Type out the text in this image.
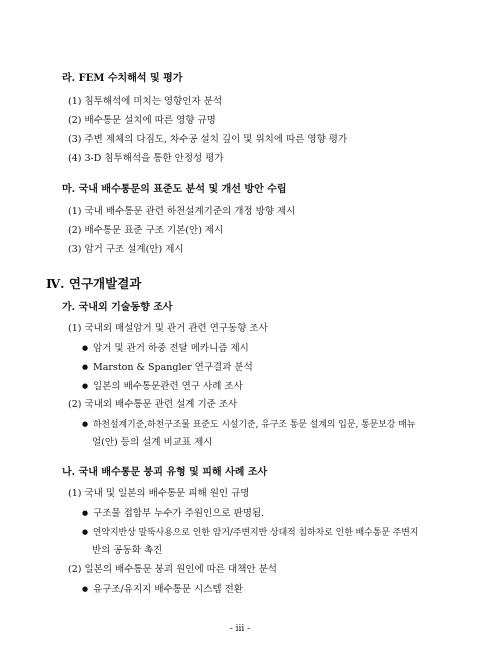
라. FEM 수치해석 및 평가
(1) 침투해석에 미치는 영향인자 분석
(2) 배수통문 설치에 따른 영향 규명
(3) 주변 제체의 다짐도, 차수공 설치 깊이 및 위치에 따른 영향 평가
(4) 3-D 침투해석을 통한 안정성 평가
마. 국내 배수통문의 표준도 분석 및 개선 방안 수립
(1) 국내 배수통문 관련 하천설계기준의 개정 방향 제시
(2) 배수통문 표준 구조 기본(안) 제시
(3) 암거 구조 설계(안) 제시
Ⅳ. 연구개발결과
가. 국내외 기술동향 조사
(1) 국내외 매설암거 및 관거 관련 연구동향 조사
● 암거 및 관거 하중 전달 메카니즘 제시
● Marston & Spangler 연구결과 분석
● 일본의 배수통문관련 연구 사례 조사
(2) 국내외 배수통문 관련 설계 기준 조사
● 하천설계기준,하천구조물 표준도 시설기준, 유구조 통문 설계의 입문, 통문보강 매뉴
얼(안) 등의 설계 비교표 제시
나. 국내 배수통문 붕괴 유형 및 피해 사례 조사
(1) 국내 및 일본의 배수통문 피해 원인 규명
● 구조물 접합부 누수가 주원인으로 판명됨.
● 연약지반상 말뚝사용으로 인한 암거/주변지반 상대적 침하차로 인한 배수통문 주변지
반의 공동화 촉진
(2) 일본의 배수통문 붕괴 원인에 따른 대책안 분석
● 유구조/유지지 배수통문 시스템 전환
- iii -
